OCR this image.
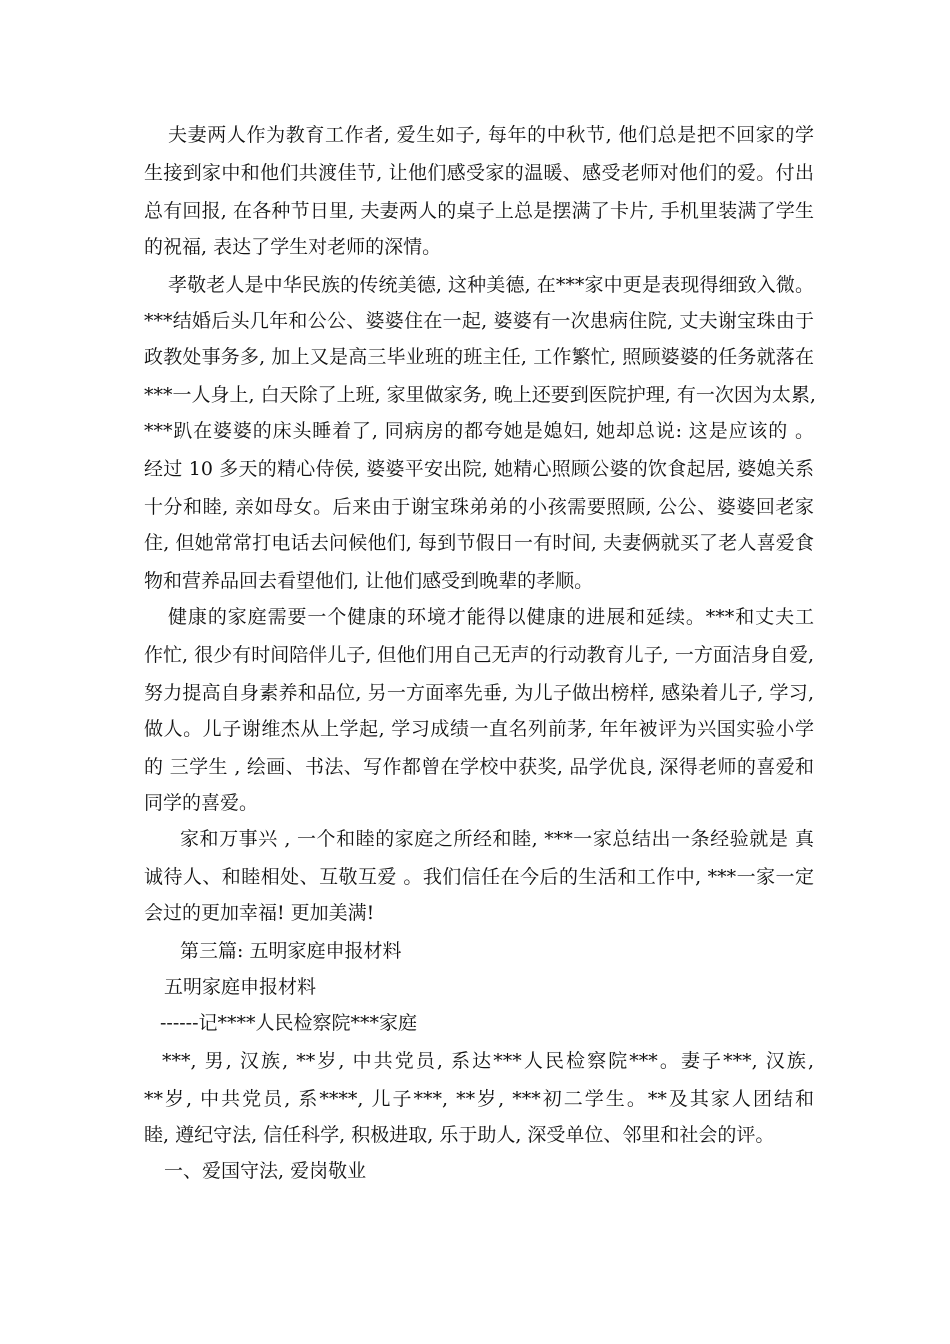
夫妻两人作为教育工作者, 爱生如子, 每年的中秋节, 他们总是把不回家的学
生接到家中和他们共渡佳节, 让他们感受家的温暖、感受老师对他们的爱。付出
总有回报, 在各种节日里, 夫妻两人的桌子上总是摆满了卡片, 手机里装满了学生
的祝福, 表达了学生对老师的深情。
孝敬老人是中华民族的传统美德, 这种美德, 在***家中更是表现得细致入微。
***结婚后头几年和公公、婆婆住在一起, 婆婆有一次患病住院, 丈夫谢宝珠由于
政教处事务多, 加上又是高三毕业班的班主任, 工作繁忙, 照顾婆婆的任务就落在
***一人身上, 白天除了上班, 家里做家务, 晚上还要到医院护理, 有一次因为太累,
***趴在婆婆的床头睡着了, 同病房的都夸她是媳妇, 她却总说: 这是应该的 。
经过 10 多天的精心侍侯, 婆婆平安出院, 她精心照顾公婆的饮食起居, 婆媳关系
十分和睦, 亲如母女。后来由于谢宝珠弟弟的小孩需要照顾, 公公、婆婆回老家
住, 但她常常打电话去问候他们, 每到节假日一有时间, 夫妻俩就买了老人喜爱食
物和营养品回去看望他们, 让他们感受到晚辈的孝顺。
健康的家庭需要一个健康的环境才能得以健康的进展和延续。***和丈夫工
作忙, 很少有时间陪伴儿子, 但他们用自己无声的行动教育儿子, 一方面洁身自爱,
努力提高自身素养和品位, 另一方面率先垂, 为儿子做出榜样, 感染着儿子, 学习,
做人。儿子谢维杰从上学起, 学习成绩一直名列前茅, 年年被评为兴国实验小学
的 三学生 , 绘画、书法、写作都曾在学校中获奖, 品学优良, 深得老师的喜爱和
同学的喜爱。
家和万事兴 , 一个和睦的家庭之所经和睦, ***一家总结出一条经验就是 真
诚待人、和睦相处、互敬互爱 。我们信任在今后的生活和工作中, ***一家一定
会过的更加幸福! 更加美满!
第三篇: 五明家庭申报材料
五明家庭申报材料
------记****人民检察院***家庭
***, 男, 汉族, **岁, 中共党员, 系达***人民检察院***。妻子***, 汉族,
**岁, 中共党员, 系****, 儿子***, **岁, ***初二学生。**及其家人团结和
睦, 遵纪守法, 信任科学, 积极进取, 乐于助人, 深受单位、邻里和社会的评。
一、爱国守法, 爱岗敬业
